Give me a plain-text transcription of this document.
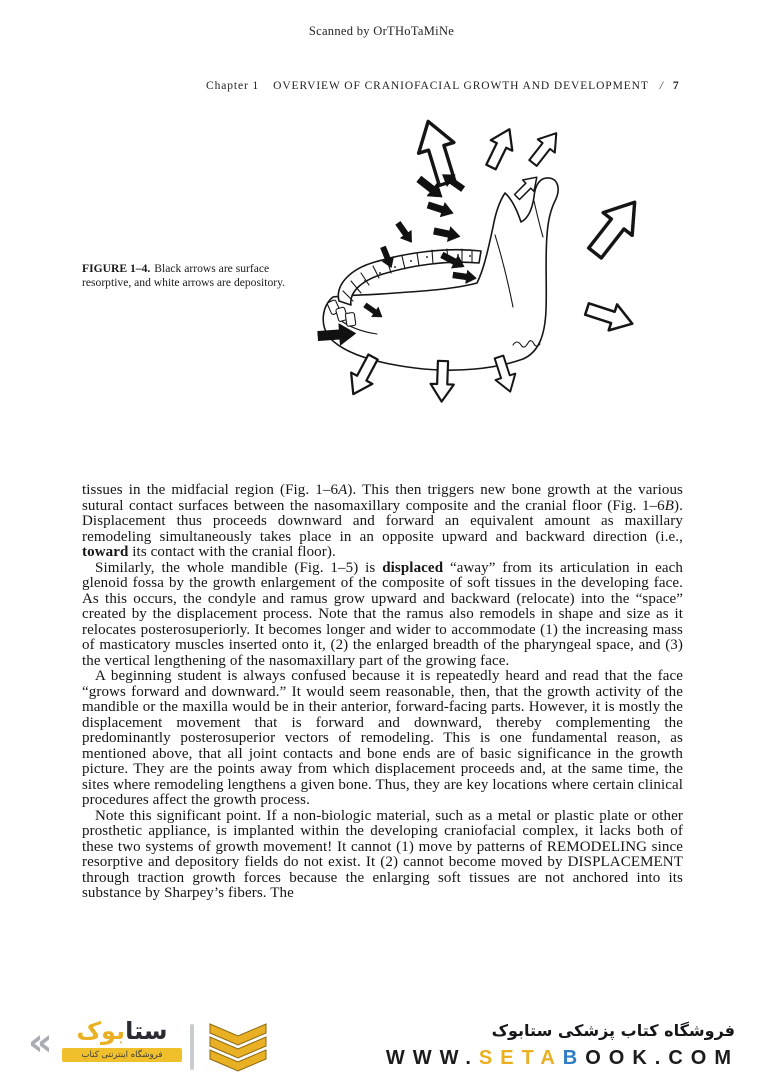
Scanned by OrTHoTaMiNe
Chapter 1 OVERVIEW OF CRANIOFACIAL GROWTH AND DEVELOPMENT / 7
FIGURE 1–4. Black arrows are surface resorptive, and white arrows are depository.

tissues in the midfacial region (Fig. 1–6A). This then triggers new bone growth at the various sutural contact surfaces between the nasomaxillary composite and the cranial floor (Fig. 1–6B). Displacement thus proceeds downward and forward an equivalent amount as maxillary remodeling simultaneously takes place in an opposite upward and backward direction (i.e., toward its contact with the cranial floor).

Similarly, the whole mandible (Fig. 1–5) is displaced “away” from its articulation in each glenoid fossa by the growth enlargement of the composite of soft tissues in the developing face. As this occurs, the condyle and ramus grow upward and backward (relocate) into the “space” created by the displacement process. Note that the ramus also remodels in shape and size as it relocates posterosuperiorly. It becomes longer and wider to accommodate (1) the increasing mass of masticatory muscles inserted onto it, (2) the enlarged breadth of the pharyngeal space, and (3) the vertical lengthening of the nasomaxillary part of the growing face.

A beginning student is always confused because it is repeatedly heard and read that the face “grows forward and downward.” It would seem reasonable, then, that the growth activity of the mandible or the maxilla would be in their anterior, forward-facing parts. However, it is mostly the displacement movement that is forward and downward, thereby complementing the predominantly posterosuperior vectors of remodeling. This is one fundamental reason, as mentioned above, that all joint contacts and bone ends are of basic significance in the growth picture. They are the points away from which displacement proceeds and, at the same time, the sites where remodeling lengthens a given bone. Thus, they are key locations where certain clinical procedures affect the growth process.

Note this significant point. If a non-biologic material, such as a metal or plastic plate or other prosthetic appliance, is implanted within the developing craniofacial complex, it lacks both of these two systems of growth movement! It cannot (1) move by patterns of REMODELING since resorptive and depository fields do not exist. It (2) cannot become moved by DISPLACEMENT through traction growth forces because the enlarging soft tissues are not anchored into its substance by Sharpey’s fibers. The

«	ستابوک
فروشگاه اینترنتی کتاب
فروشگاه کتاب پزشکی ستابوک
WWW.SETABOOK.COM
